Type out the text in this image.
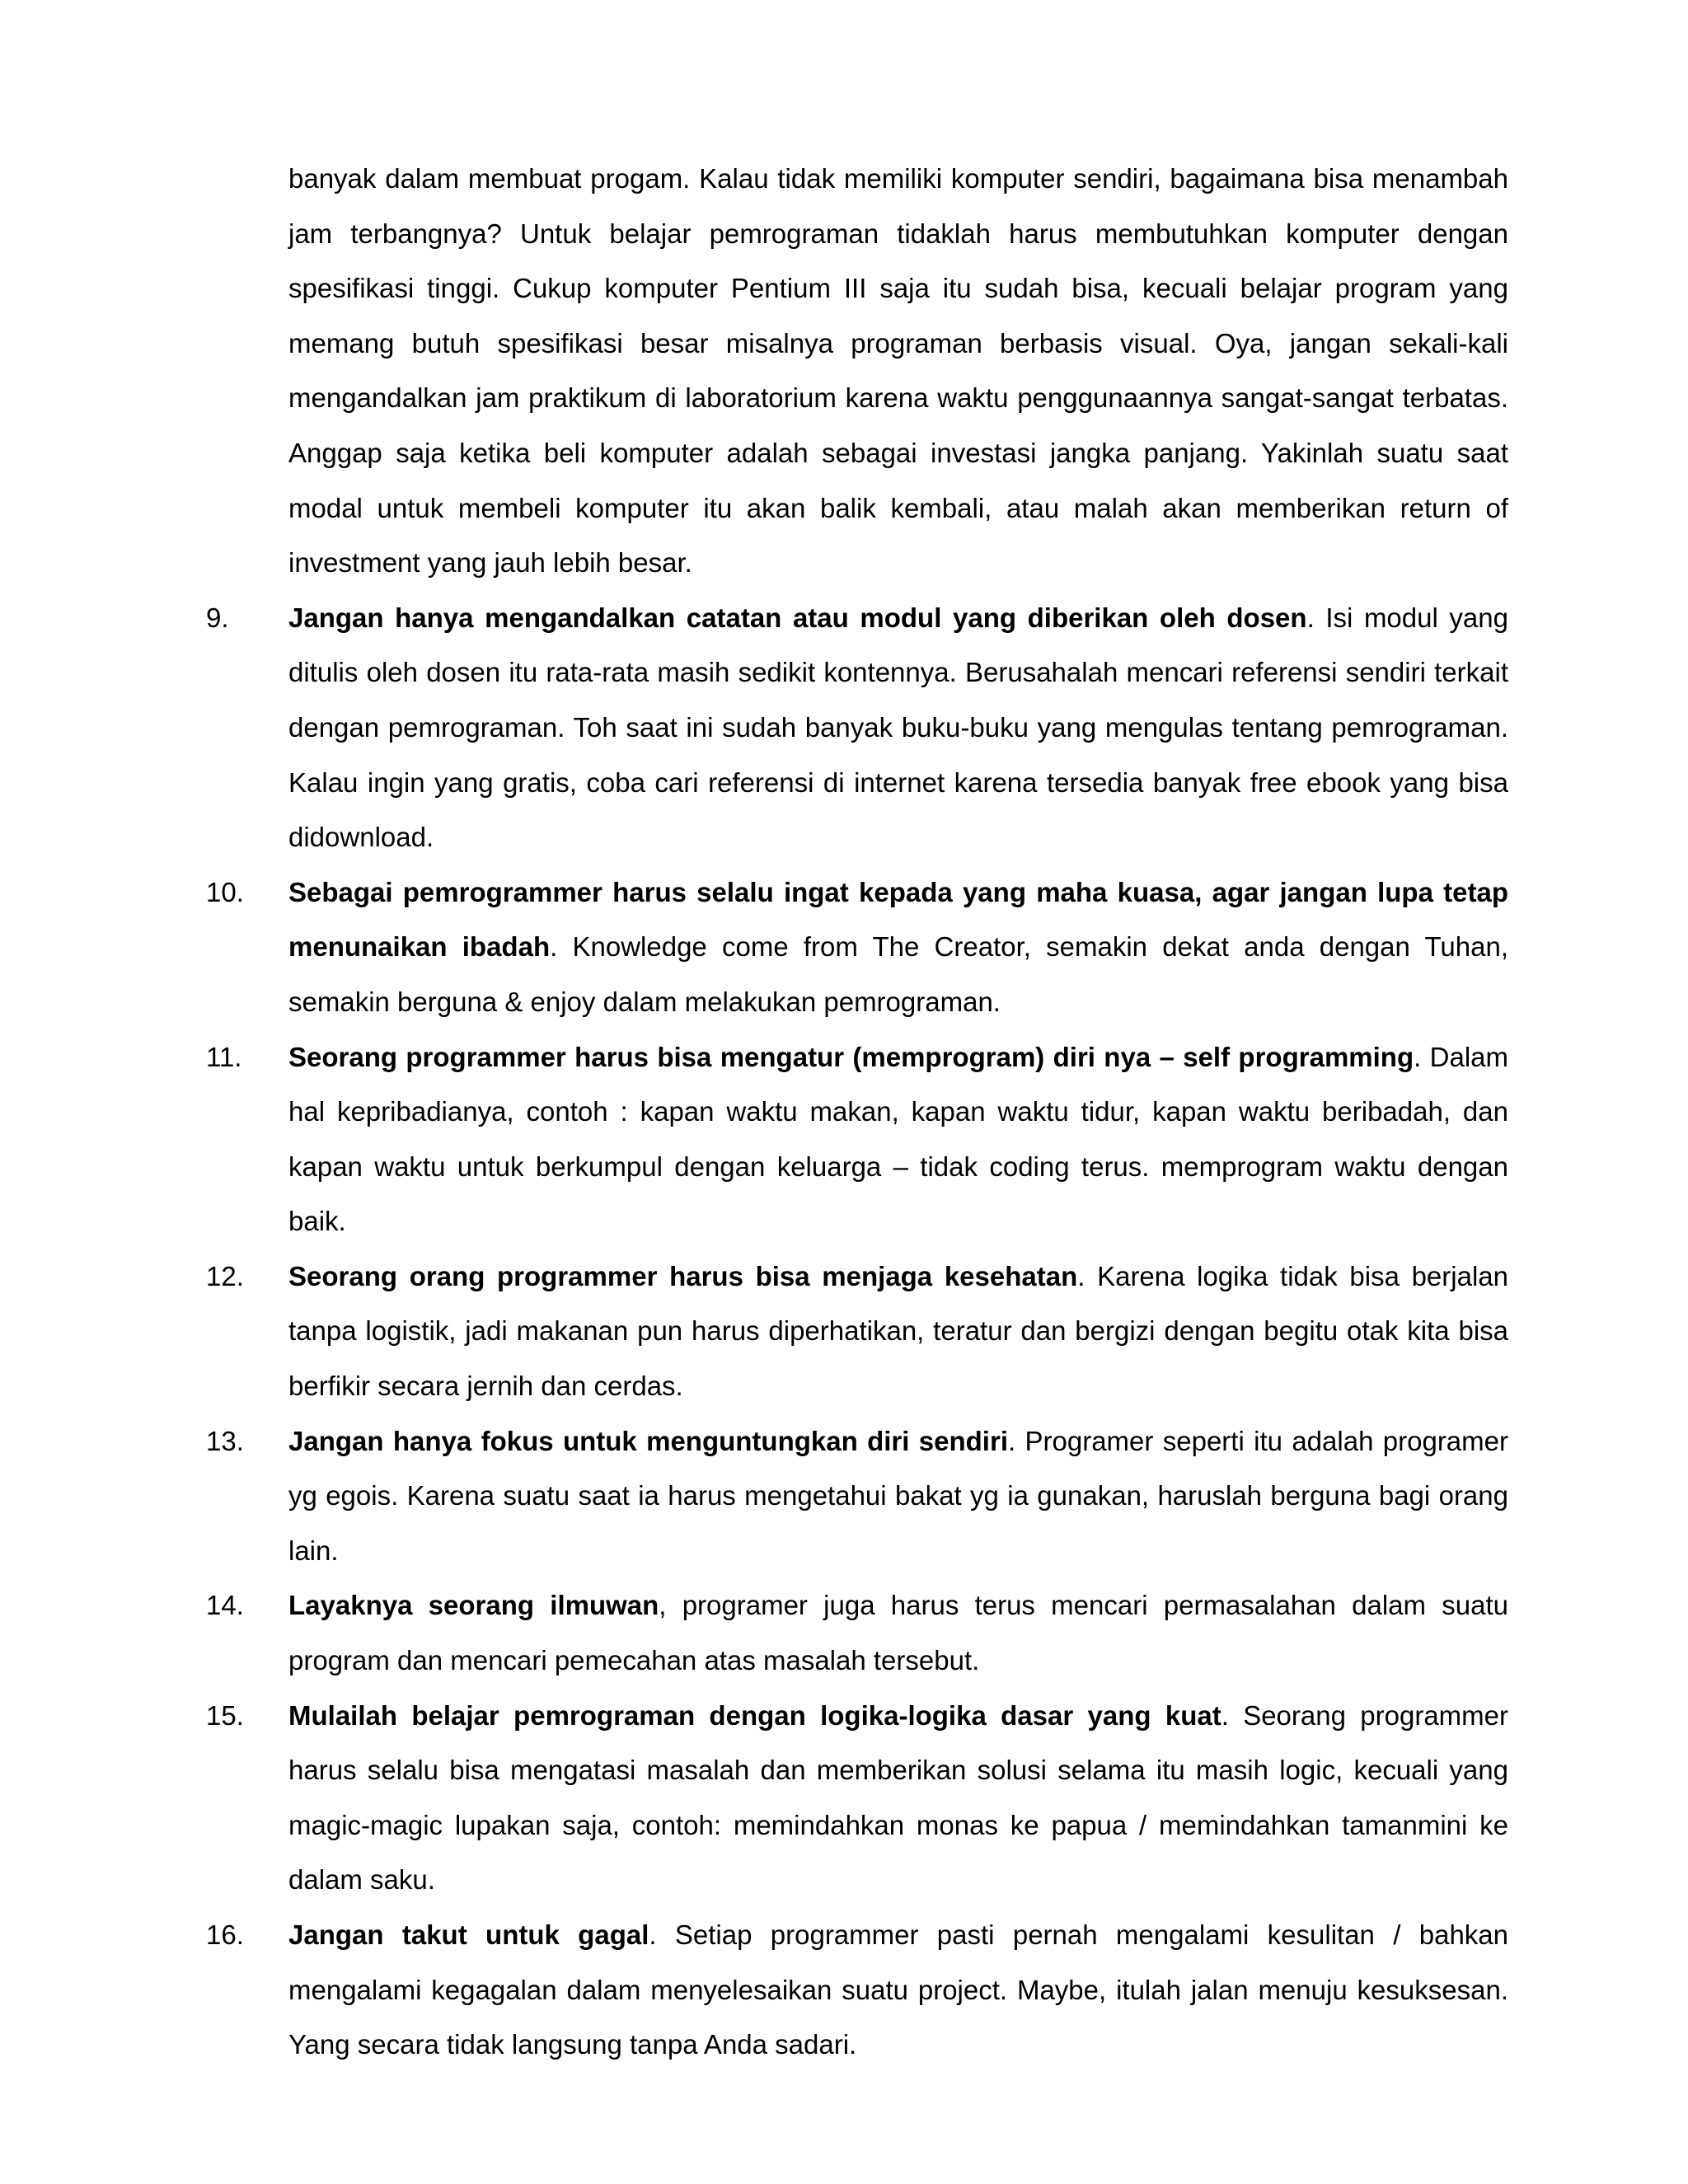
banyak dalam membuat progam. Kalau tidak memiliki komputer sendiri, bagaimana bisa menambah jam terbangnya? Untuk belajar pemrograman tidaklah harus membutuhkan komputer dengan spesifikasi tinggi. Cukup komputer Pentium III saja itu sudah bisa, kecuali belajar program yang memang butuh spesifikasi besar misalnya programan berbasis visual. Oya, jangan sekali-kali mengandalkan jam praktikum di laboratorium karena waktu penggunaannya sangat-sangat terbatas. Anggap saja ketika beli komputer adalah sebagai investasi jangka panjang. Yakinlah suatu saat modal untuk membeli komputer itu akan balik kembali, atau malah akan memberikan return of investment yang jauh lebih besar.

9.	Jangan hanya mengandalkan catatan atau modul yang diberikan oleh dosen. Isi modul yang ditulis oleh dosen itu rata-rata masih sedikit kontennya. Berusahalah mencari referensi sendiri terkait dengan pemrograman. Toh saat ini sudah banyak buku-buku yang mengulas tentang pemrograman. Kalau ingin yang gratis, coba cari referensi di internet karena tersedia banyak free ebook yang bisa didownload.
10.	Sebagai pemrogrammer harus selalu ingat kepada yang maha kuasa, agar jangan lupa tetap menunaikan ibadah. Knowledge come from The Creator, semakin dekat anda dengan Tuhan, semakin berguna & enjoy dalam melakukan pemrograman.
11.	Seorang programmer harus bisa mengatur (memprogram) diri nya – self programming. Dalam hal kepribadianya, contoh : kapan waktu makan, kapan waktu tidur, kapan waktu beribadah, dan kapan waktu untuk berkumpul dengan keluarga – tidak coding terus. memprogram waktu dengan baik.
12.	Seorang orang programmer harus bisa menjaga kesehatan. Karena logika tidak bisa berjalan tanpa logistik, jadi makanan pun harus diperhatikan, teratur dan bergizi dengan begitu otak kita bisa berfikir secara jernih dan cerdas.
13.	Jangan hanya fokus untuk menguntungkan diri sendiri. Programer seperti itu adalah programer yg egois. Karena suatu saat ia harus mengetahui bakat yg ia gunakan, haruslah berguna bagi orang lain.
14.	Layaknya seorang ilmuwan, programer juga harus terus mencari permasalahan dalam suatu program dan mencari pemecahan atas masalah tersebut.
15.	Mulailah belajar pemrograman dengan logika-logika dasar yang kuat. Seorang programmer harus selalu bisa mengatasi masalah dan memberikan solusi selama itu masih logic, kecuali yang magic-magic lupakan saja, contoh: memindahkan monas ke papua / memindahkan tamanmini ke dalam saku.
16.	Jangan takut untuk gagal. Setiap programmer pasti pernah mengalami kesulitan / bahkan mengalami kegagalan dalam menyelesaikan suatu project. Maybe, itulah jalan menuju kesuksesan. Yang secara tidak langsung tanpa Anda sadari.
